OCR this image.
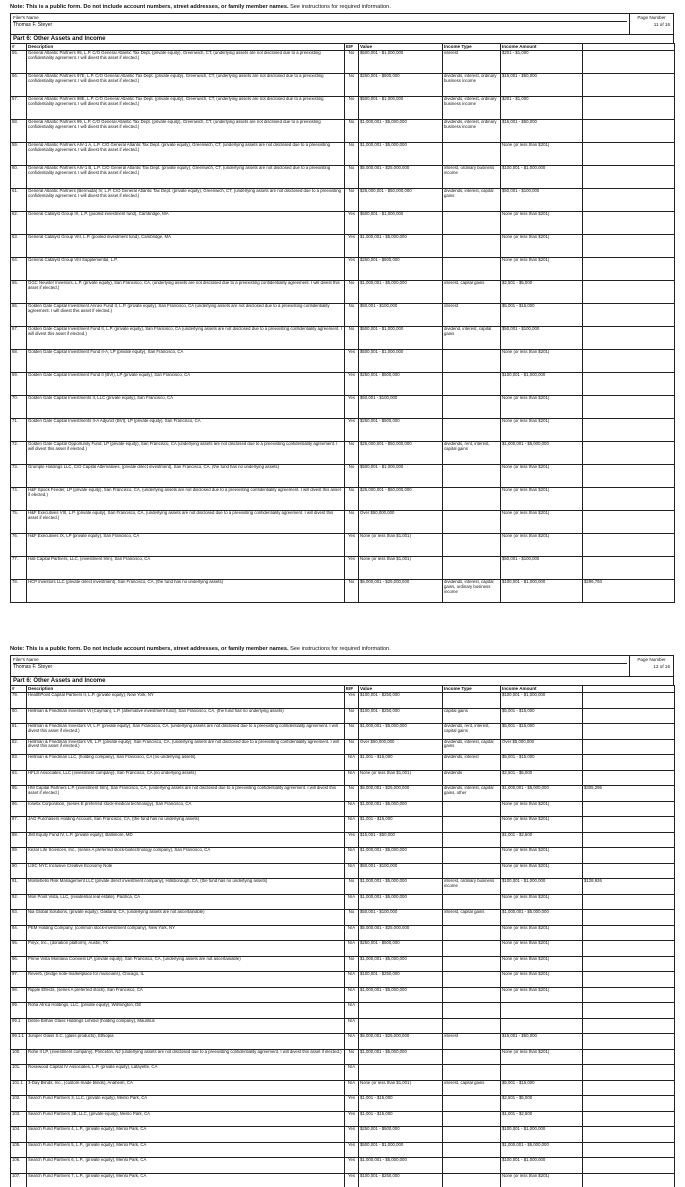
Note: This is a public form. Do not include account numbers, street addresses, or family member names. See instructions for required information.
Filer's Name
Thomas F. Steyer
Page Number
11 of 16
Part 6: Other Assets and Income
#	Description	EIF	Value	Income Type	Income Amount	
55.	General Atlantic Partners 95, L.P. C/O General Atlantic Tax Dept. (private equity), Greenwich, CT, (underlying assets are not disclosed due to a preexisting confidentiality agreement. I will divest this asset if elected.)	No	$500,001 - $1,000,000	interest	$201 - $1,000	
56.	General Atlantic Partners 97E, L.P. C/O General Atlantic Tax Dept. (private equity), Greenwich, CT, (underlying assets are not disclosed due to a preexisting confidentiality agreement. I will divest this asset if elected.)	No	$250,001 - $500,000	dividends, interest, ordinary business income	$15,001 - $50,000	
57.	General Atlantic Partners 98E, L.P. C/O General Atlantic Tax Dept. (private equity), Greenwich, CT, (underlying assets are not disclosed due to a preexisting confidentiality agreement. I will divest this asset if elected.)	No	$500,001 - $1,000,000	dividends, interest, ordinary business income	$201 - $1,000	
58.	General Atlantic Partners 99, L.P. C/O General Atlantic Tax Dept. (private equity), Greenwich, CT, (underlying assets are not disclosed due to a preexisting confidentiality agreement. I will divest this asset if elected.)	No	$1,000,001 - $5,000,000	dividends, interest, ordinary business income	$15,001 - $50,000	
59.	General Atlantic Partners AIV-1 A, L.P. C/O General Atlantic Tax Dept. (private equity), Greenwich, CT, (underlying assets are not disclosed due to a preexisting confidentiality agreement. I will divest this asset if elected.)	No	$1,000,001 - $5,000,000		None (or less than $201)	
60.	General Atlantic Partners AIV-1 B, L.P. C/O General Atlantic Tax Dept. (private equity), Greenwich, CT, (underlying assets are not disclosed due to a preexisting confidentiality agreement. I will divest this asset if elected.)	No	$5,000,001 - $25,000,000	interest, ordinary business income	$100,001 - $1,000,000	
61.	General Atlantic Partners (Bermuda) IV, L.P. C/O General Atlantic Tax Dept. (private equity), Greenwich, CT, (underlying assets are not disclosed due to a preexisting confidentiality agreement. I will divest this asset if elected.)	No	$25,000,001 - $50,000,000	dividends, interest, capital gains	$50,001 - $100,000	
62.	General Catalyst Group IX, L.P. (pooled investment fund), Cambridge, MA	Yes	$500,001 - $1,000,000		None (or less than $201)	
63.	General Catalyst Group VIII, L.P. (pooled investment fund), Cambridge, MA	Yes	$1,000,001 - $5,000,000		None (or less than $201)	
64.	General Catalyst Group VIII Supplemental, L.P.	Yes	$250,001 - $500,000		None (or less than $201)	
65.	GGC Neuster Investors, L.P. (private equity), San Francisco, CA, (underlying assets are not disclosed due to a preexisting confidentiality agreement. I will divest this asset if elected.)	No	$1,000,001 - $5,000,000	interest, capital gains	$2,501 - $5,000	
66.	Golden Gate Capital Investment Annex Fund II, L.P. (private equity), San Francisco, CA (underlying assets are not disclosed due to a preexisting confidentiality agreement. I will divest this asset if elected.)	No	$50,001 - $100,000	interest	$5,001 - $15,000	
67.	Golden Gate Capital Investment Fund II, L.P. (private equity), San Francisco, CA (underlying assets are not disclosed due to a preexisting confidentiality agreement. I will divest this asset if elected.)	No	$500,001 - $1,000,000	dividend, interest, capital gains	$50,001 - $100,000	
68.	Golden Gate Capital Investment Fund II-A, LP (private equity), San Francisco, CA	Yes	$500,001 - $1,000,000		None (or less than $201)	
69.	Golden Gate Capital Investment Fund II (BVI), LP (private equity), San Francisco, CA	Yes	$250,001 - $500,000		$100,001 - $1,000,000	
70.	Golden Gate Capital Investments II, LLC (private equity), San Francisco, CA	Yes	$50,001 - $100,000		None (or less than $201)	
71.	Golden Gate Capital Investments II-A Adjunct (BVI), LP (private equity), San Francisco, CA	Yes	$250,001 - $500,000		None (or less than $201)	
72.	Golden Gate Capital Opportunity Fund, LP (private equity), San Francisco, CA (underlying assets are not disclosed due to a preexisting confidentiality agreement. I will divest this asset if elected.)	No	$25,000,001 - $50,000,000	dividends, rent, interest, capital gains	$1,000,001 - $5,000,000	
73.	Grumple Holdings LLC, C/O Capital Alternatives, (private direct investment), San Francisco, CA, (the fund has no underlying assets)	No	$500,001 - $1,000,000		None (or less than $201)	
74.	H&F Spock Feeder, LP (private equity), San Francisco, CA, (underlying assets are not disclosed due to a preexisting confidentiality agreement. I will divest this asset if elected.)	No	$25,000,001 - $50,000,000		None (or less than $201)	
75.	H&F Executives VIII, L.P. (private equity), San Francisco, CA, (underlying assets are not disclosed due to a preexisting confidentiality agreement. I will divest this asset if elected.)	No	Over $50,000,000		None (or less than $201)	
76.	H&F Executives IX, LP (private equity), San Francisco, CA	Yes	None (or less than $1,001)		None (or less than $201)	
77.	Hall Capital Partners, LLC, (investment firm), San Francisco, CA	Yes	None (or less than $1,001)		$50,001 - $100,000	
78.	HCP Investors LLC (private direct investment), San Francisco, CA, (the fund has no underlying assets)	No	$5,000,001 - $25,000,000	dividends, interest, capital gains, ordinary business income	$100,001 - $1,000,000	$296,793
Note: This is a public form. Do not include account numbers, street addresses, or family member names. See instructions for required information.
Filer's Name
Thomas F. Steyer
Page Number
12 of 16
Part 6: Other Assets and Income
#	Description	EIF	Value	Income Type	Income Amount	
79.	HealthPoint Capital Partners II, L.P. (private equity), New York, NY	Yes	$100,001 - $250,000		$100,001 - $1,000,000	
80.	Hellman & Friedman Investors VI (Cayman), L.P. (alternative investment fund), San Francisco, CA, (the fund has no underlying assets)	No	$100,001 - $250,000	capital gains	$5,001 - $15,000	
81.	Hellman & Friedman Investors VI, L.P. (private equity), San Francisco, CA, (underlying assets are not disclosed due to a preexisting confidentiality agreement. I will divest this asset if elected.)	No	$1,000,001 - $5,000,000	dividends, rent, interest, capital gains	$5,001 - $15,000	
82.	Hellman & Friedman Investors VII, L.P. (private equity), San Francisco, CA, (underlying assets are not disclosed due to a preexisting confidentiality agreement. I will divest this asset if elected.)	No	Over $50,000,000	dividends, interest, capital gains	Over $5,000,000	
83.	Hellman & Friedman LLC, (holding company), San Francisco, CA (no underlying assets)	N/A	$1,001 - $15,000	dividends, interest	$5,001 - $15,000	
84.	HFLS Associates, LLC (investment company), San Francisco, CA (no underlying assets)	N/A	None (or less than $1,001)	dividends	$2,501 - $5,000	
85.	HM Capital Partners L.P. (investment firm), San Francisco, CA, (underlying assets are not disclosed due to a preexisting confidentiality agreement. I will divest this asset if elected.)	No	$5,000,001 - $25,000,000	dividends, interest, capital gains, other	$1,000,001 - $5,000,000	$305,295
86.	Ionetix Corporation, (series E preferred stock-medical technology), San Francisco, CA	N/A	$1,000,001 - $5,000,000		None (or less than $201)	
87.	JAG Purchasers Holding Account, San Francisco, CA, (the fund has no underlying assets)	N/A	$1,001 - $15,000		None (or less than $201)	
88.	JMI Equity Fund IV, L.P. (private equity), Baltimore, MD	Yes	$15,001 - $50,000		$1,001 - $2,500	
89.	Kezar Life Sciences, Inc., (series A preferred stock-biotechnology company), San Francisco, CA	N/A	$1,000,001 - $5,000,000		None (or less than $201)	
90.	LISC NYC Inclusive Creative Economy Note	N/A	$50,001 - $100,000		None (or less than $201)	
91.	Montebello Risk Management LLC (private direct investment company), Hillsborough, CA, (the fund has no underlying assets)	No	$1,000,001 - $5,000,000	interest, ordinary business income	$100,001 - $1,000,000	$128,926
92.	Mori Point Vista, LLC, (residential real estate), Pacifica, CA	N/A	$1,000,001 - $5,000,000		None (or less than $201)	
93.	Nia Global Solutions, (private equity), Oakland, CA, (underlying assets are not ascertainable)	No	$50,001 - $100,000	interest, capital gains	$1,000,001 - $5,000,000	
94.	PEM Holding Company, (common stock-investment company), New York, NY	N/A	$5,000,001 - $25,000,000		None (or less than $201)	
95.	Pinyx, Inc., (donation platform), Austin, TX	N/A	$250,001 - $500,000		None (or less than $201)	
96.	Prime Vista Montana Coinvest LP, (private equity), San Francisco, CA, (underlying assets are not ascertainable)	No	$1,000,001 - $5,000,000		None (or less than $201)	
97.	Reverb, (bridge note-marketplace for musicians), Chicago, IL	N/A	$100,001 - $250,000		None (or less than $201)	
98.	Ripple Effects, (series A preferred stock), San Francisco, CA	N/A	$1,000,001 - $5,000,000		None (or less than $201)	
99.	Roha Africa Holdings, LLC, (private equity), Wilmington, DE	N/A				
99.1	Debre Birhan Glass Holdings Limited (holding company), Mauritius	N/A				
99.1.1	Juniper Glass S.C. (glass products), Ethiopia	N/A	$5,000,001 - $25,000,000	interest	$15,001 - $50,000	
100.	Rohe II LP, (investment company), Princeton, NJ (underlying assets are not disclosed due to a preexisting confidentiality agreement. I will divest this asset if elected.)	No	$1,000,001 - $5,000,000		None (or less than $201)	
101.	Rosewood Capital IV Associates, L.P. (private equity), Lafayette, CA	N/A				
101.1	3-Day Blinds, Inc., (custom-made blinds), Anaheim, CA	N/A	None (or less than $1,001)	interest, capital gains	$5,001 - $15,000	
102.	Search Fund Partners 3, LLC, (private equity), Menlo Park, CA	Yes	$1,001 - $15,000		$2,501 - $5,000	
103.	Search Fund Partners 3B, LLC, (private equity), Menlo Park, CA	Yes	$1,001 - $15,000		$1,001 - $2,500	
104.	Search Fund Partners 4, L.P., (private equity), Menlo Park, CA	Yes	$250,001 - $500,000		$100,001 - $1,000,000	
105.	Search Fund Partners 5, L.P., (private equity), Menlo Park, CA	Yes	$500,001 - $1,000,000		$1,000,001 - $5,000,000	
106.	Search Fund Partners 6, L.P., (private equity), Menlo Park, CA	Yes	$1,000,001 - $5,000,000		$100,001 - $1,000,000	
107.	Search Fund Partners 7, L.P., (private equity), Menlo Park, CA	Yes	$100,001 - $250,000		None (or less than $201)	
